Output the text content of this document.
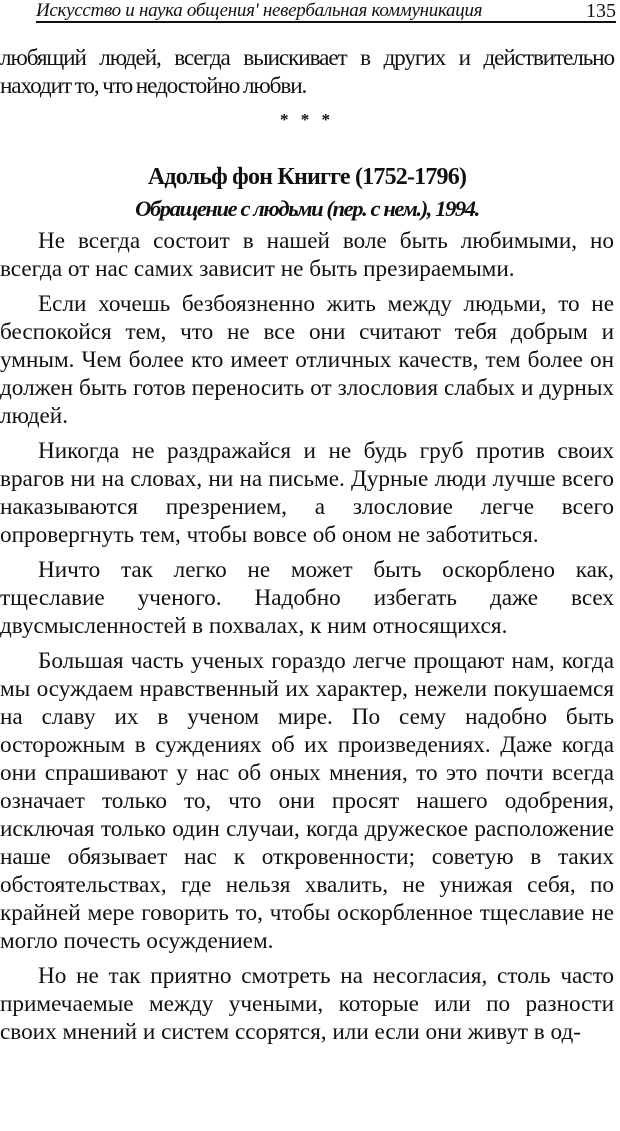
Искусство и наука общения' невербальная коммуникация	135

любящий людей, всегда выискивает в других и действительно находит то, что недостойно любви.

* * *
Адольф фон Книгге (1752-1796)
Обращение с людьми (пер. с нем.), 1994.

Не всегда состоит в нашей воле быть любимыми, но всегда от нас самих зависит не быть презираемыми.

Если хочешь безбоязненно жить между людьми, то не беспокойся тем, что не все они считают тебя добрым и умным. Чем более кто имеет отличных качеств, тем более он должен быть готов переносить от злословия слабых и дурных людей.

Никогда не раздражайся и не будь груб против своих врагов ни на словах, ни на письме. Дурные люди лучше всего наказываются презрением, а злословие легче всего опровергнуть тем, чтобы вовсе об оном не заботиться.

Ничто так легко не может быть оскорблено как, тщеславие ученого. Надобно избегать даже всех двусмысленностей в похвалах, к ним относящихся.

Большая часть ученых гораздо легче прощают нам, когда мы осуждаем нравственный их характер, нежели покушаемся на славу их в ученом мире. По сему надобно быть осторожным в суждениях об их произведениях. Даже когда они спрашивают у нас об оных мнения, то это почти всегда означает только то, что они просят нашего одобрения, исключая только один случаи, когда дружеское расположение наше обязывает нас к откровенности; советую в таких обстоятельствах, где нельзя хвалить, не унижая себя, по крайней мере говорить то, чтобы оскорбленное тщеславие не могло почесть осуждением.

Но не так приятно смотреть на несогласия, столь часто примечаемые между учеными, которые или по разности своих мнений и систем ссорятся, или если они живут в од-
